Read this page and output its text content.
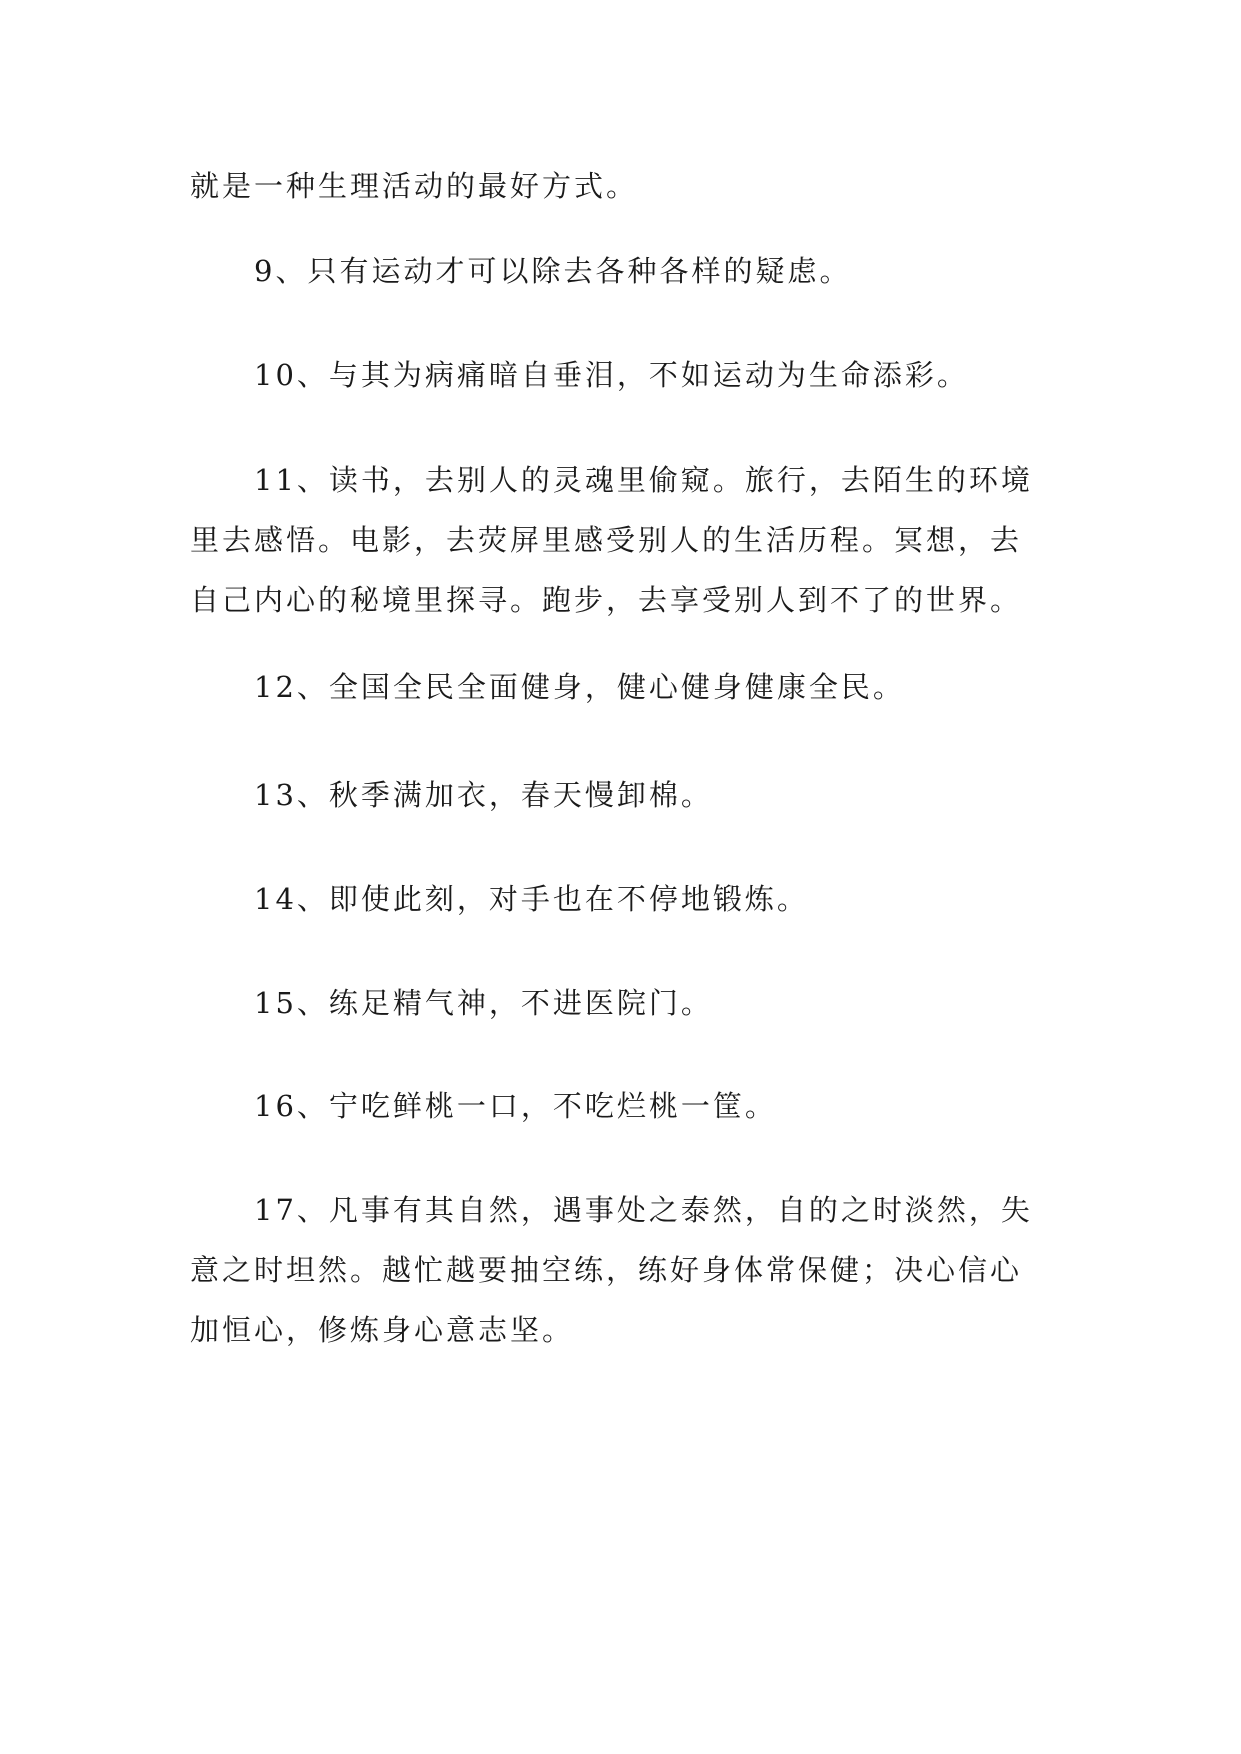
就是一种生理活动的最好方式。
9、只有运动才可以除去各种各样的疑虑。
10、与其为病痛暗自垂泪，不如运动为生命添彩。
11、读书，去别人的灵魂里偷窥。旅行，去陌生的环境
里去感悟。电影，去荧屏里感受别人的生活历程。冥想，去
自己内心的秘境里探寻。跑步，去享受别人到不了的世界。
12、全国全民全面健身，健心健身健康全民。
13、秋季满加衣，春天慢卸棉。
14、即使此刻，对手也在不停地锻炼。
15、练足精气神，不进医院门。
16、宁吃鲜桃一口，不吃烂桃一筐。
17、凡事有其自然，遇事处之泰然，自的之时淡然，失
意之时坦然。越忙越要抽空练，练好身体常保健；决心信心
加恒心，修炼身心意志坚。
